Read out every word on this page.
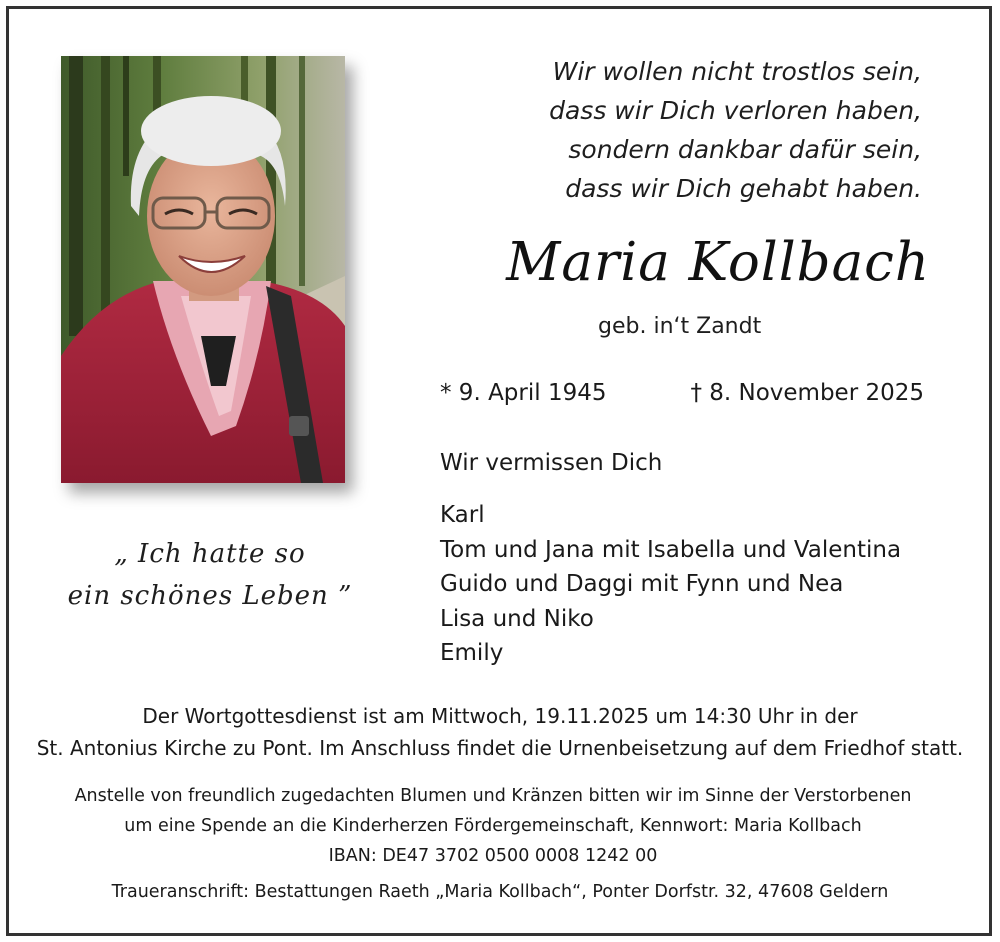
Wir wollen nicht trostlos sein,
dass wir Dich verloren haben,
sondern dankbar dafür sein,
dass wir Dich gehabt haben.
Maria Kollbach
geb. in‘t Zandt
* 9. April 1945	† 8. November 2025
Wir vermissen Dich
Karl
Tom und Jana mit Isabella und Valentina
Guido und Daggi mit Fynn und Nea
Lisa und Niko
Emily
„ Ich hatte so
ein schönes Leben ”
Der Wortgottesdienst ist am Mittwoch, 19.11.2025 um 14:30 Uhr in der
St. Antonius Kirche zu Pont. Im Anschluss findet die Urnenbeisetzung auf dem Friedhof statt.
Anstelle von freundlich zugedachten Blumen und Kränzen bitten wir im Sinne der Verstorbenen
um eine Spende an die Kinderherzen Fördergemeinschaft, Kennwort: Maria Kollbach
IBAN: DE47 3702 0500 0008 1242 00
Traueranschrift: Bestattungen Raeth „Maria Kollbach“, Ponter Dorfstr. 32, 47608 Geldern
